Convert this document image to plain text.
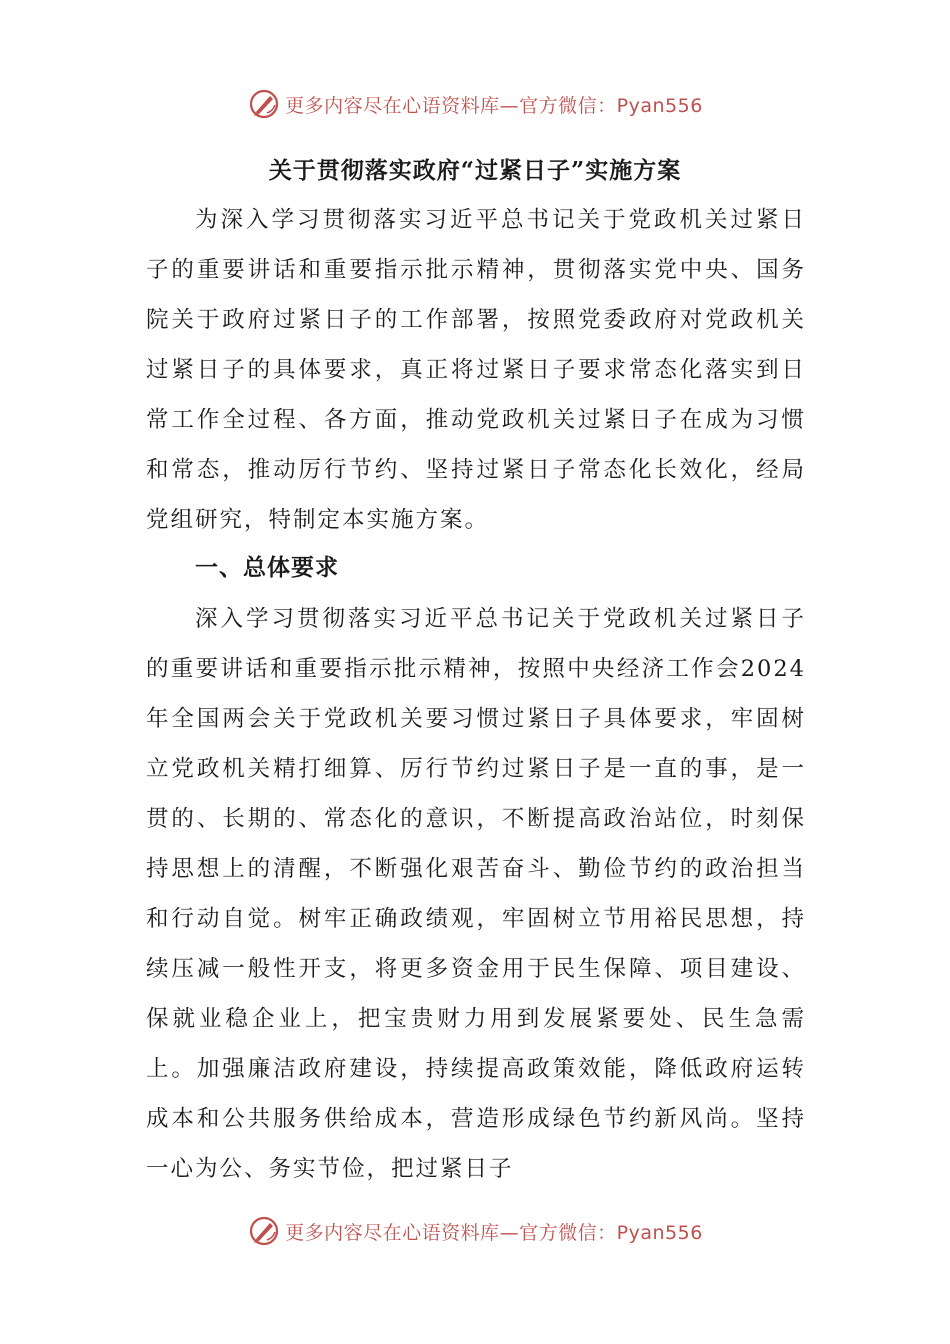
更多内容尽在心语资料库—官方微信：Pyan556
关于贯彻落实政府“过紧日子”实施方案

为深入学习贯彻落实习近平总书记关于党政机关过紧日子的重要讲话和重要指示批示精神，贯彻落实党中央、国务院关于政府过紧日子的工作部署，按照党委政府对党政机关过紧日子的具体要求，真正将过紧日子要求常态化落实到日常工作全过程、各方面，推动党政机关过紧日子在成为习惯和常态，推动厉行节约、坚持过紧日子常态化长效化，经局党组研究，特制定本实施方案。

一、总体要求

深入学习贯彻落实习近平总书记关于党政机关过紧日子的重要讲话和重要指示批示精神，按照中央经济工作会2024年全国两会关于党政机关要习惯过紧日子具体要求，牢固树立党政机关精打细算、厉行节约过紧日子是一直的事，是一贯的、长期的、常态化的意识，不断提高政治站位，时刻保持思想上的清醒，不断强化艰苦奋斗、勤俭节约的政治担当和行动自觉。树牢正确政绩观，牢固树立节用裕民思想，持续压减一般性开支，将更多资金用于民生保障、项目建设、保就业稳企业上，把宝贵财力用到发展紧要处、民生急需上。加强廉洁政府建设，持续提高政策效能，降低政府运转成本和公共服务供给成本，营造形成绿色节约新风尚。坚持一心为公、务实节俭，把过紧日子

更多内容尽在心语资料库—官方微信：Pyan556
